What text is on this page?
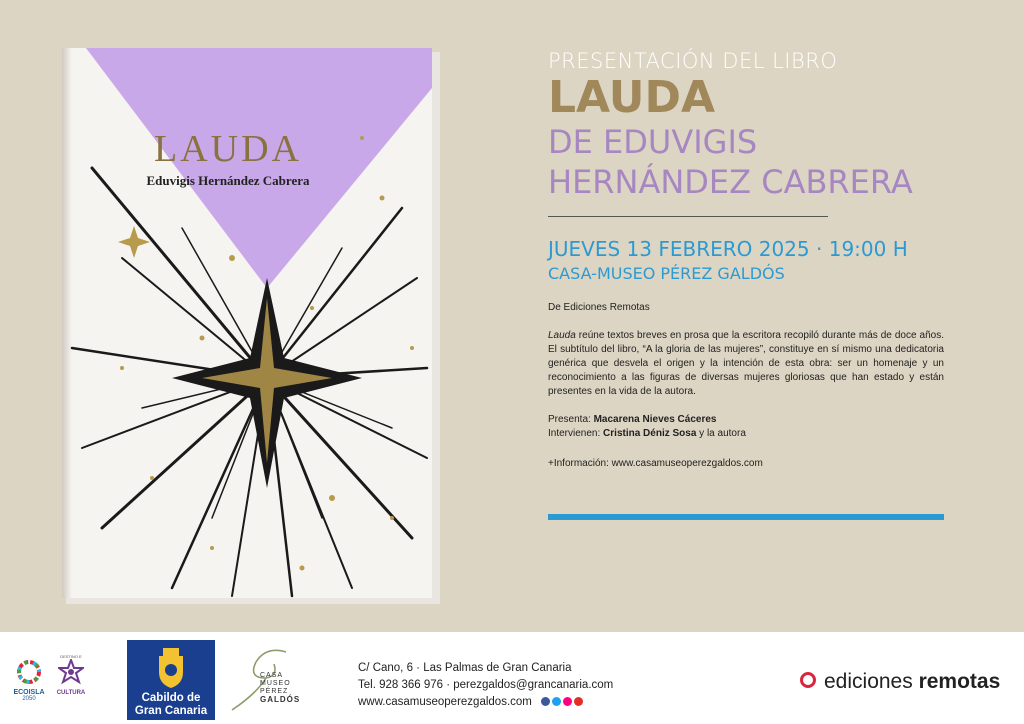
LAUDA
Eduvigis Hernández Cabrera

PRESENTACIÓN DEL LIBRO

LAUDA

DE EDUVIGIS

HERNÁNDEZ CABRERA

JUEVES 13 FEBRERO 2025 · 19:00 H

CASA-MUSEO PÉREZ GALDÓS

De Ediciones Remotas

Lauda reúne textos breves en prosa que la escritora recopiló durante más de doce años. El subtítulo del libro, “A la gloria de las mujeres”, constituye en sí mismo una dedicatoria genérica que desvela el origen y la intención de esta obra: ser un homenaje y un reconocimiento a las figuras de diversas mujeres gloriosas que han estado y están presentes en la vida de la autora.

Presenta: Macarena Nieves Cáceres

Intervienen: Cristina Déniz Sosa y la autora

+Información: www.casamuseoperezgaldos.com

ECOISLA
2050
DESTINO E
CULTURA	Cabildo de
Gran Canaria
CASA
MUSEO
PÉREZ
GALDÓS
C/ Cano, 6 · Las Palmas de Gran Canaria
Tel. 928 366 976 · perezgaldos@grancanaria.com
www.casamuseoperezgaldos.com
ediciones remotas
